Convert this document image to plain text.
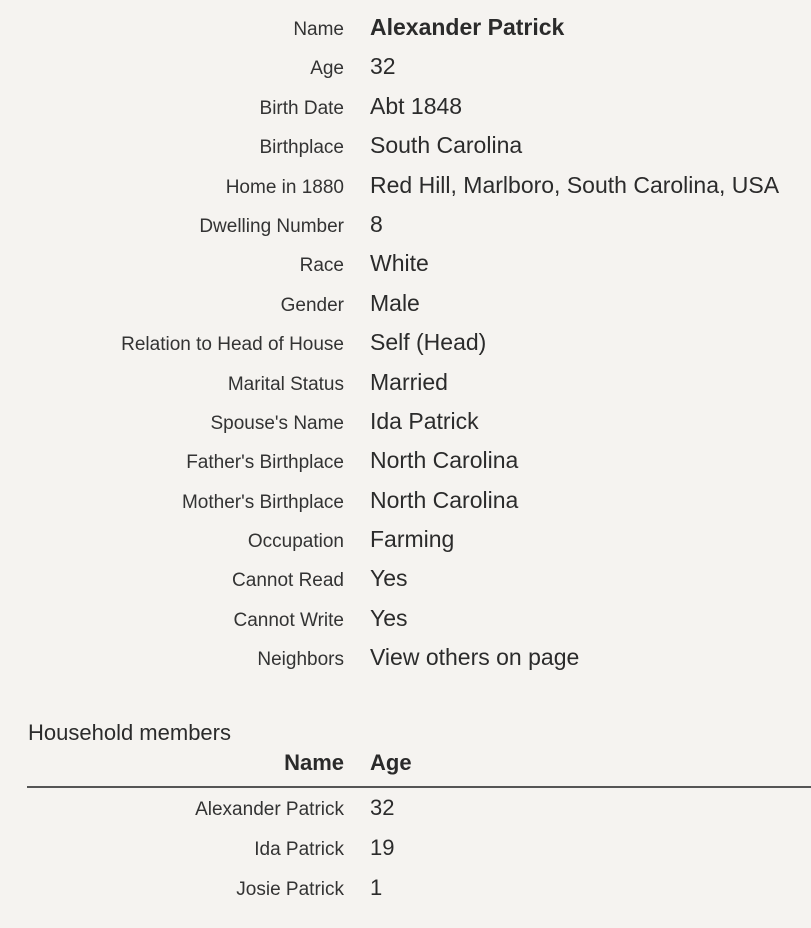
Name Alexander Patrick
Age 32
Birth Date Abt 1848
Birthplace South Carolina
Home in 1880 Red Hill, Marlboro, South Carolina, USA
Dwelling Number 8
Race White
Gender Male
Relation to Head of House Self (Head)
Marital Status Married
Spouse's Name Ida Patrick
Father's Birthplace North Carolina
Mother's Birthplace North Carolina
Occupation Farming
Cannot Read Yes
Cannot Write Yes
Neighbors View others on page
Household members
Name Age
Alexander Patrick 32
Ida Patrick 19
Josie Patrick 1
